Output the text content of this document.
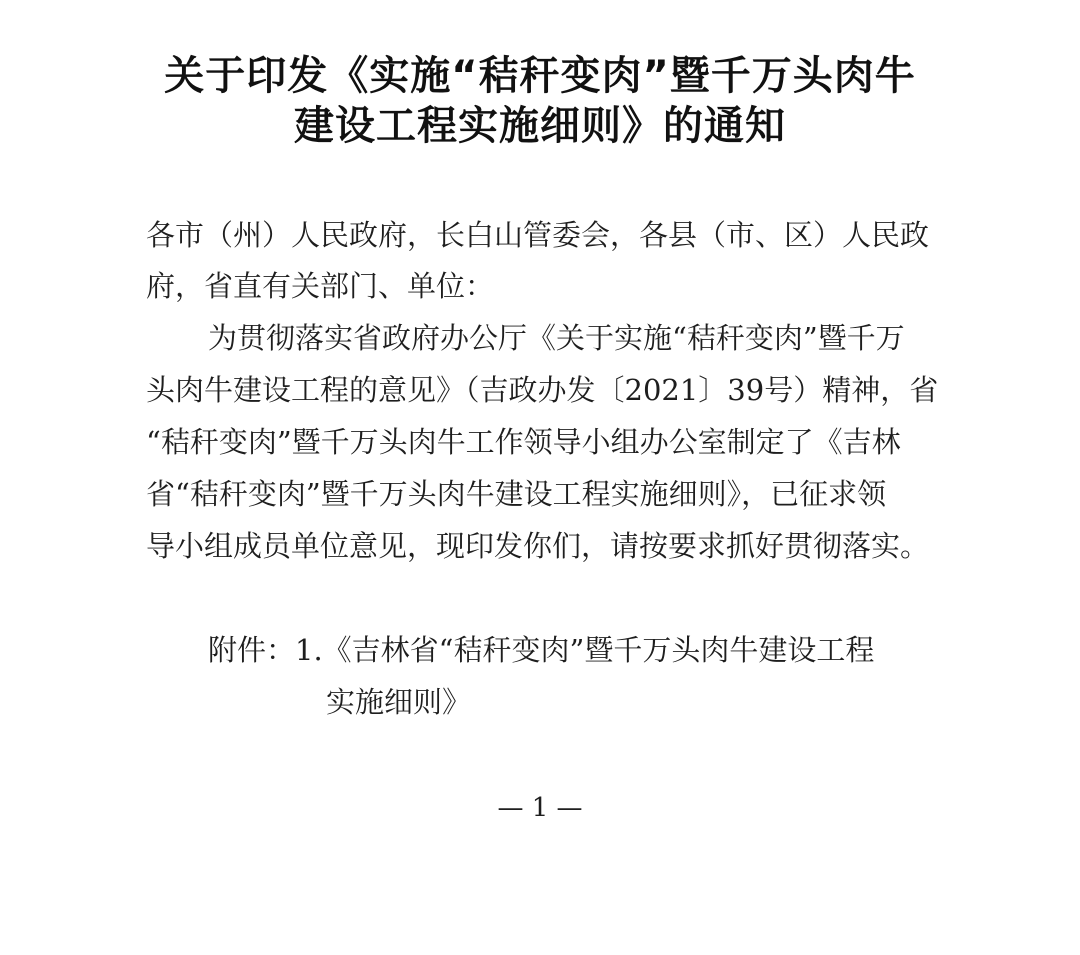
关于印发《实施“秸秆变肉”暨千万头肉牛
建设工程实施细则》的通知
各市（州）人民政府，长白山管委会，各县（市、区）人民政
府，省直有关部门、单位：
为贯彻落实省政府办公厅《关于实施“秸秆变肉”暨千万
头肉牛建设工程的意见》（吉政办发〔2021〕39号）精神，省
“秸秆变肉”暨千万头肉牛工作领导小组办公室制定了《吉林
省“秸秆变肉”暨千万头肉牛建设工程实施细则》，已征求领
导小组成员单位意见，现印发你们，请按要求抓好贯彻落实。
附件：1.《吉林省“秸秆变肉”暨千万头肉牛建设工程
实施细则》
— 1 —
